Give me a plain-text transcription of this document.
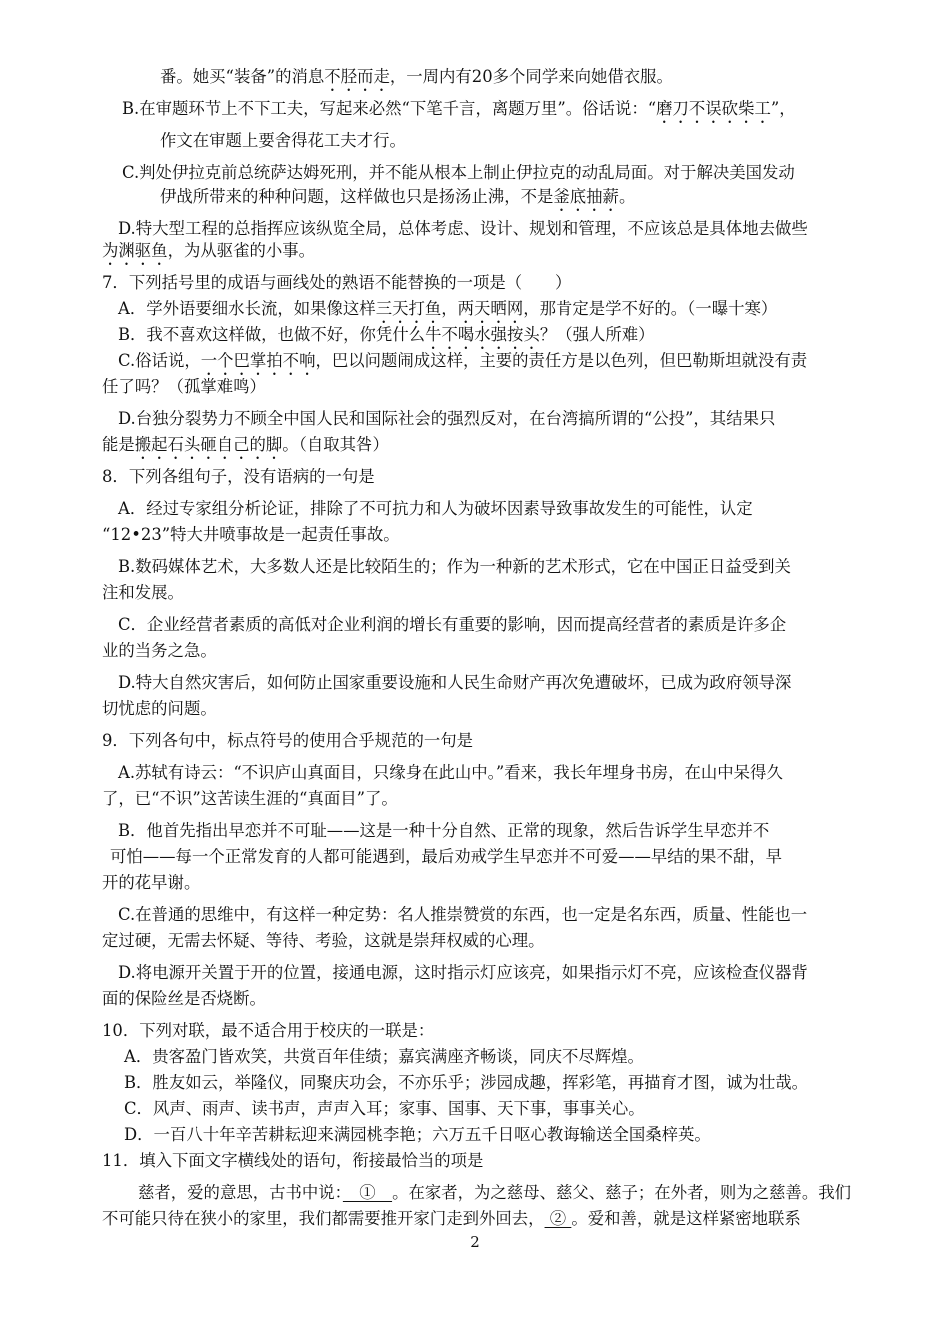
2
番。她买“装备”的消息不胫而走，一周内有20多个同学来向她借衣服。
B.在审题环节上不下工夫，写起来必然“下笔千言，离题万里”。俗话说：“磨刀不误砍柴工”，
作文在审题上要舍得花工夫才行。
C.判处伊拉克前总统萨达姆死刑，并不能从根本上制止伊拉克的动乱局面。对于解决美国发动
伊战所带来的种种问题，这样做也只是扬汤止沸，不是釜底抽薪。
D.特大型工程的总指挥应该纵览全局，总体考虑、设计、规划和管理，不应该总是具体地去做些
为渊驱鱼，为从驱雀的小事。
7．下列括号里的成语与画线处的熟语不能替换的一项是（　　）
A．学外语要细水长流，如果像这样三天打鱼，两天晒网，那肯定是学不好的。（一曝十寒）
B．我不喜欢这样做，也做不好，你凭什么牛不喝水强按头？（强人所难）
C.俗话说，一个巴掌拍不响，巴以问题闹成这样，主要的责任方是以色列，但巴勒斯坦就没有责
任了吗？（孤掌难鸣）
D.台独分裂势力不顾全中国人民和国际社会的强烈反对，在台湾搞所谓的“公投”，其结果只
能是搬起石头砸自己的脚。（自取其咎）
8．下列各组句子，没有语病的一句是
A．经过专家组分析论证，排除了不可抗力和人为破坏因素导致事故发生的可能性，认定
“12•23”特大井喷事故是一起责任事故。
B.数码媒体艺术，大多数人还是比较陌生的；作为一种新的艺术形式，它在中国正日益受到关
注和发展。
C．企业经营者素质的高低对企业利润的增长有重要的影响，因而提高经营者的素质是许多企
业的当务之急。
D.特大自然灾害后，如何防止国家重要设施和人民生命财产再次免遭破坏，已成为政府领导深
切忧虑的问题。
9．下列各句中，标点符号的使用合乎规范的一句是
A.苏轼有诗云：“不识庐山真面目，只缘身在此山中。”看来，我长年埋身书房，在山中呆得久
了，已“不识”这苦读生涯的“真面目”了。
B．他首先指出早恋并不可耻——这是一种十分自然、正常的现象，然后告诉学生早恋并不
可怕——每一个正常发育的人都可能遇到，最后劝戒学生早恋并不可爱——早结的果不甜，早
开的花早谢。
C.在普通的思维中，有这样一种定势：名人推崇赞赏的东西，也一定是名东西，质量、性能也一
定过硬，无需去怀疑、等待、考验，这就是崇拜权威的心理。
D.将电源开关置于开的位置，接通电源，这时指示灯应该亮，如果指示灯不亮，应该检查仪器背
面的保险丝是否烧断。
10．下列对联，最不适合用于校庆的一联是：
A．贵客盈门皆欢笑，共赏百年佳绩；嘉宾满座齐畅谈，同庆不尽辉煌。
B．胜友如云，举隆仪，同聚庆功会，不亦乐乎；涉园成趣，挥彩笔，再描育才图，诚为壮哉。
C．风声、雨声、读书声，声声入耳；家事、国事、天下事，事事关心。
D．一百八十年辛苦耕耘迎来满园桃李艳；六万五千日呕心教诲输送全国桑梓英。
11．填入下面文字横线处的语句，衔接最恰当的项是
慈者，爱的意思，古书中说：　①　。在家者，为之慈母、慈父、慈子；在外者，则为之慈善。我们
不可能只待在狭小的家里，我们都需要推开家门走到外回去， ② 。爱和善，就是这样紧密地联系
